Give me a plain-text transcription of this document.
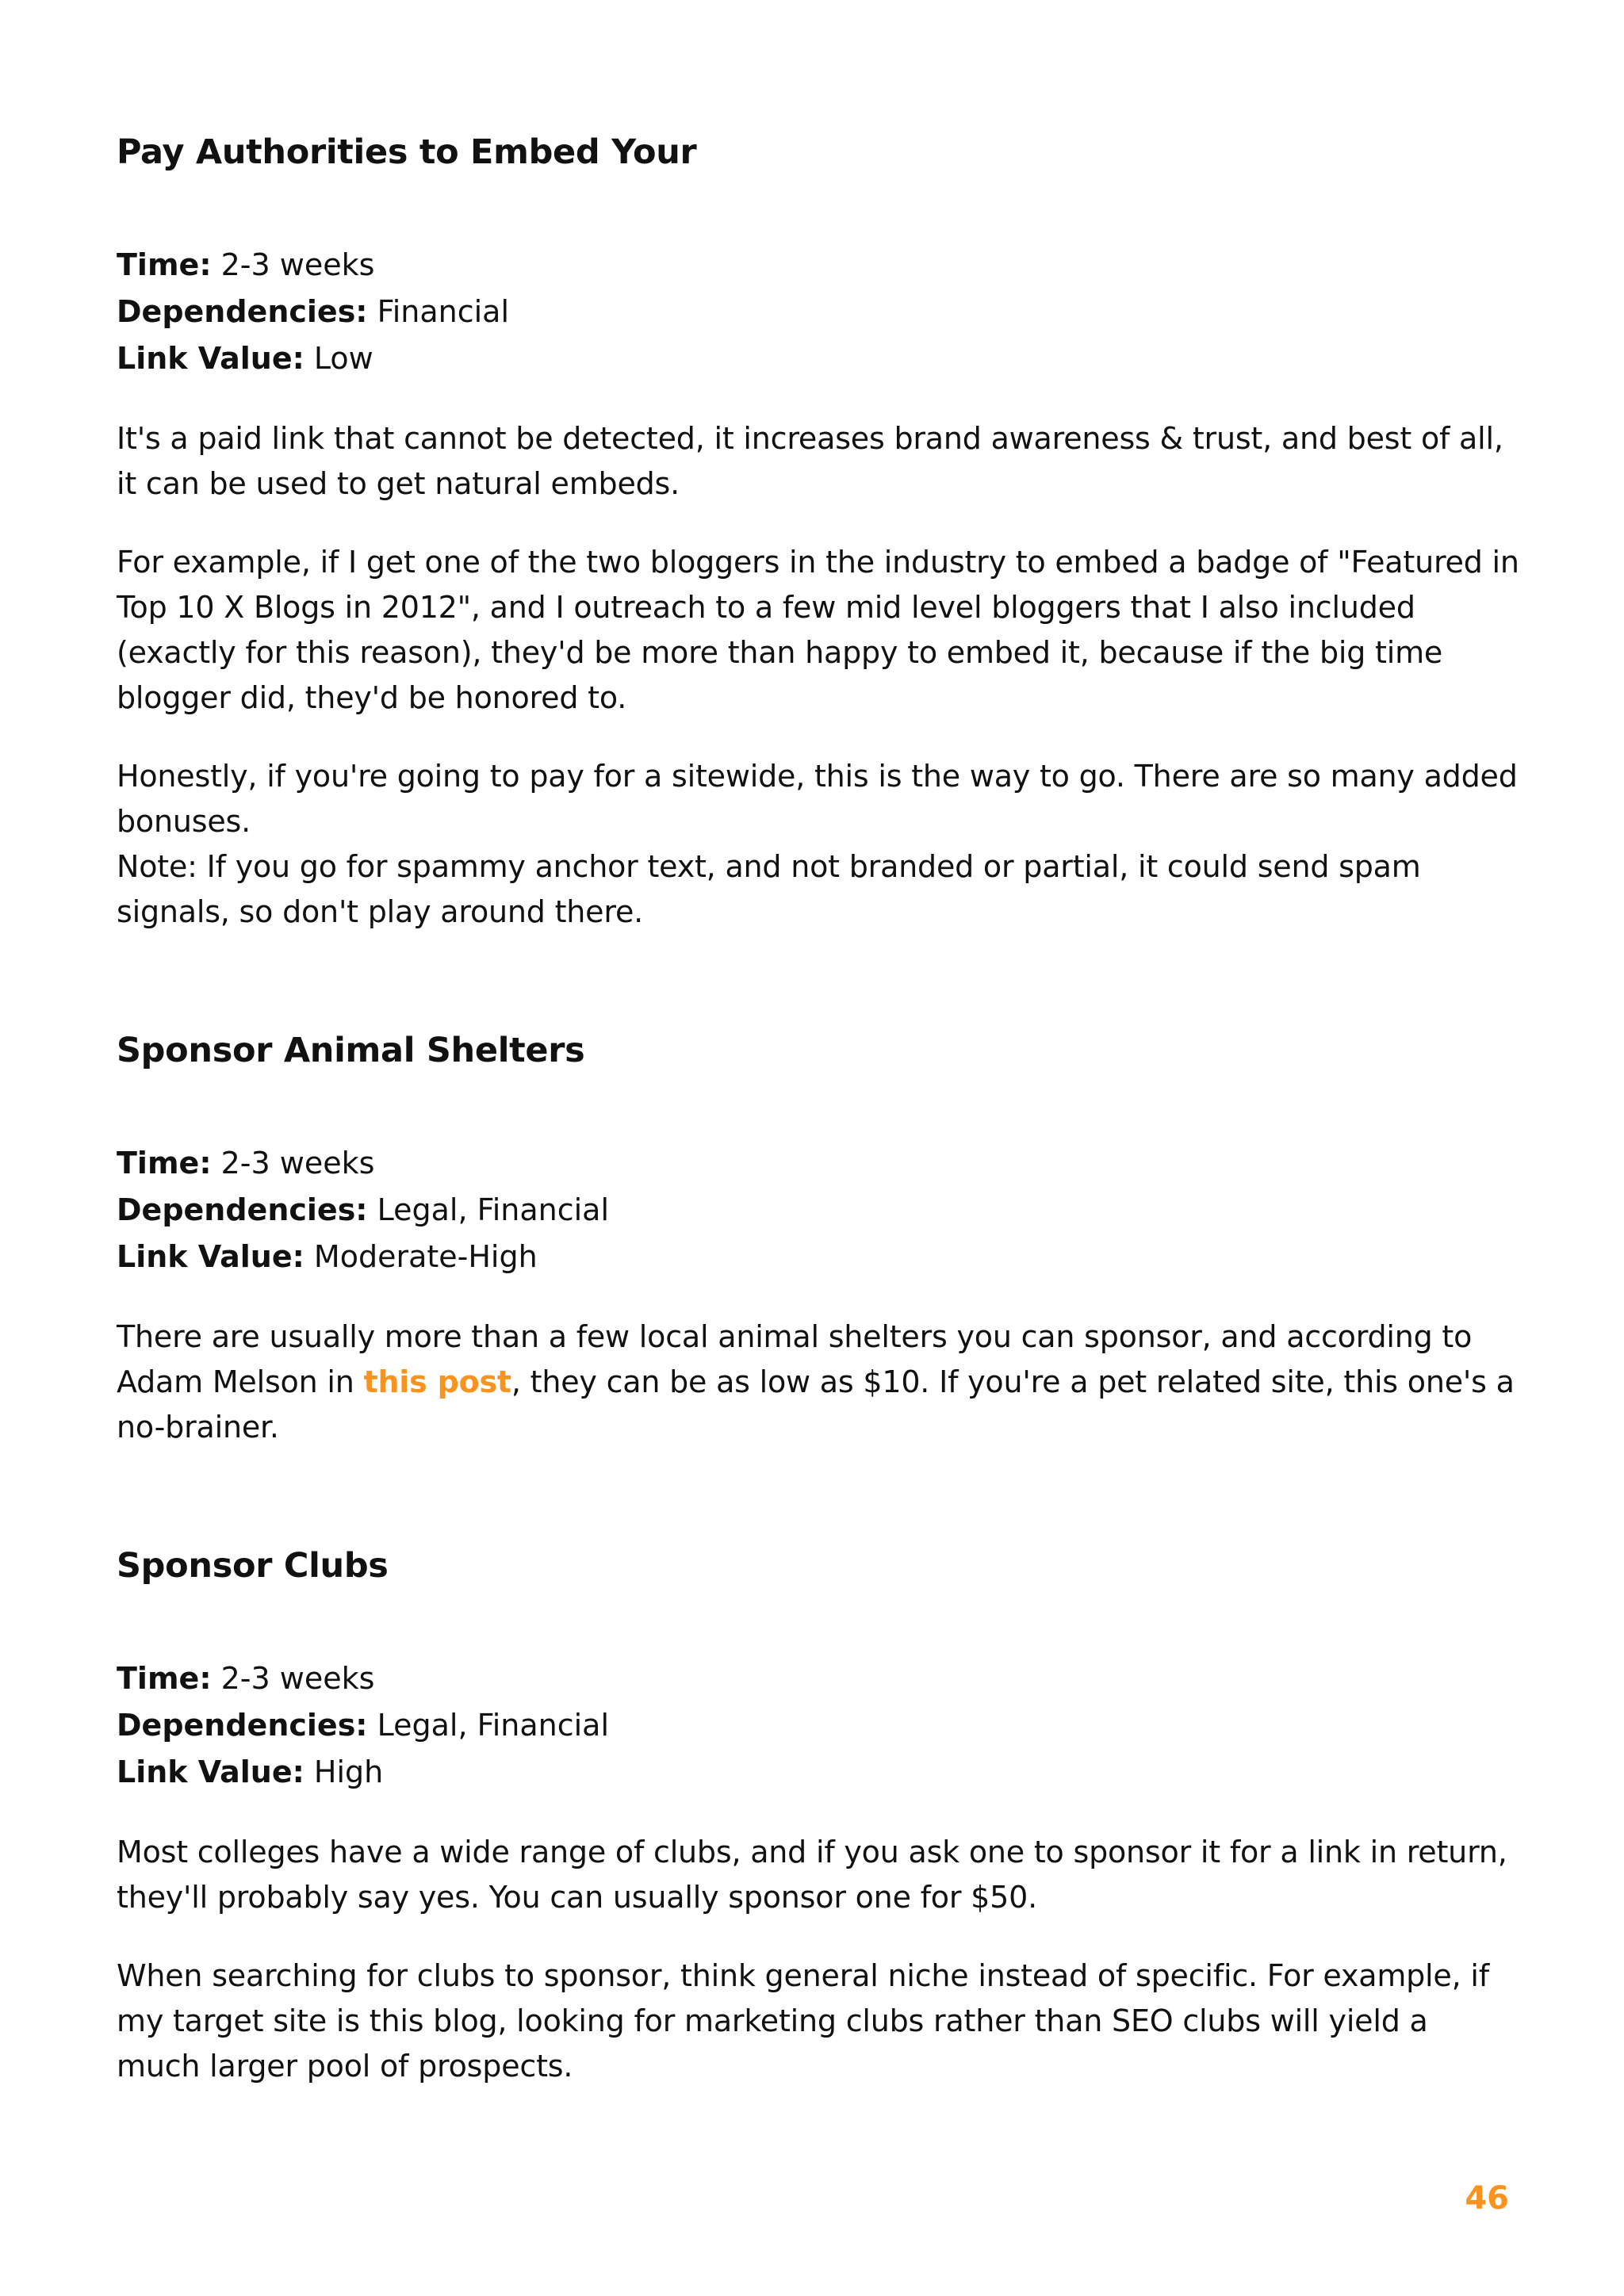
Pay Authorities to Embed Your
Time: 2-3 weeks
Dependencies: Financial
Link Value: Low

It's a paid link that cannot be detected, it increases brand awareness & trust, and best of all, it can be used to get natural embeds.

For example, if I get one of the two bloggers in the industry to embed a badge of "Featured in Top 10 X Blogs in 2012", and I outreach to a few mid level bloggers that I also included (exactly for this reason), they'd be more than happy to embed it, because if the big time blogger did, they'd be honored to.

Honestly, if you're going to pay for a sitewide, this is the way to go. There are so many added bonuses.

Note: If you go for spammy anchor text, and not branded or partial, it could send spam signals, so don't play around there.

Sponsor Animal Shelters
Time: 2-3 weeks
Dependencies: Legal, Financial
Link Value: Moderate-High

There are usually more than a few local animal shelters you can sponsor, and according to Adam Melson in this post, they can be as low as $10. If you're a pet related site, this one's a no-brainer.

Sponsor Clubs
Time: 2-3 weeks
Dependencies: Legal, Financial
Link Value: High

Most colleges have a wide range of clubs, and if you ask one to sponsor it for a link in return, they'll probably say yes. You can usually sponsor one for $50.

When searching for clubs to sponsor, think general niche instead of specific. For example, if my target site is this blog, looking for marketing clubs rather than SEO clubs will yield a much larger pool of prospects.

46
